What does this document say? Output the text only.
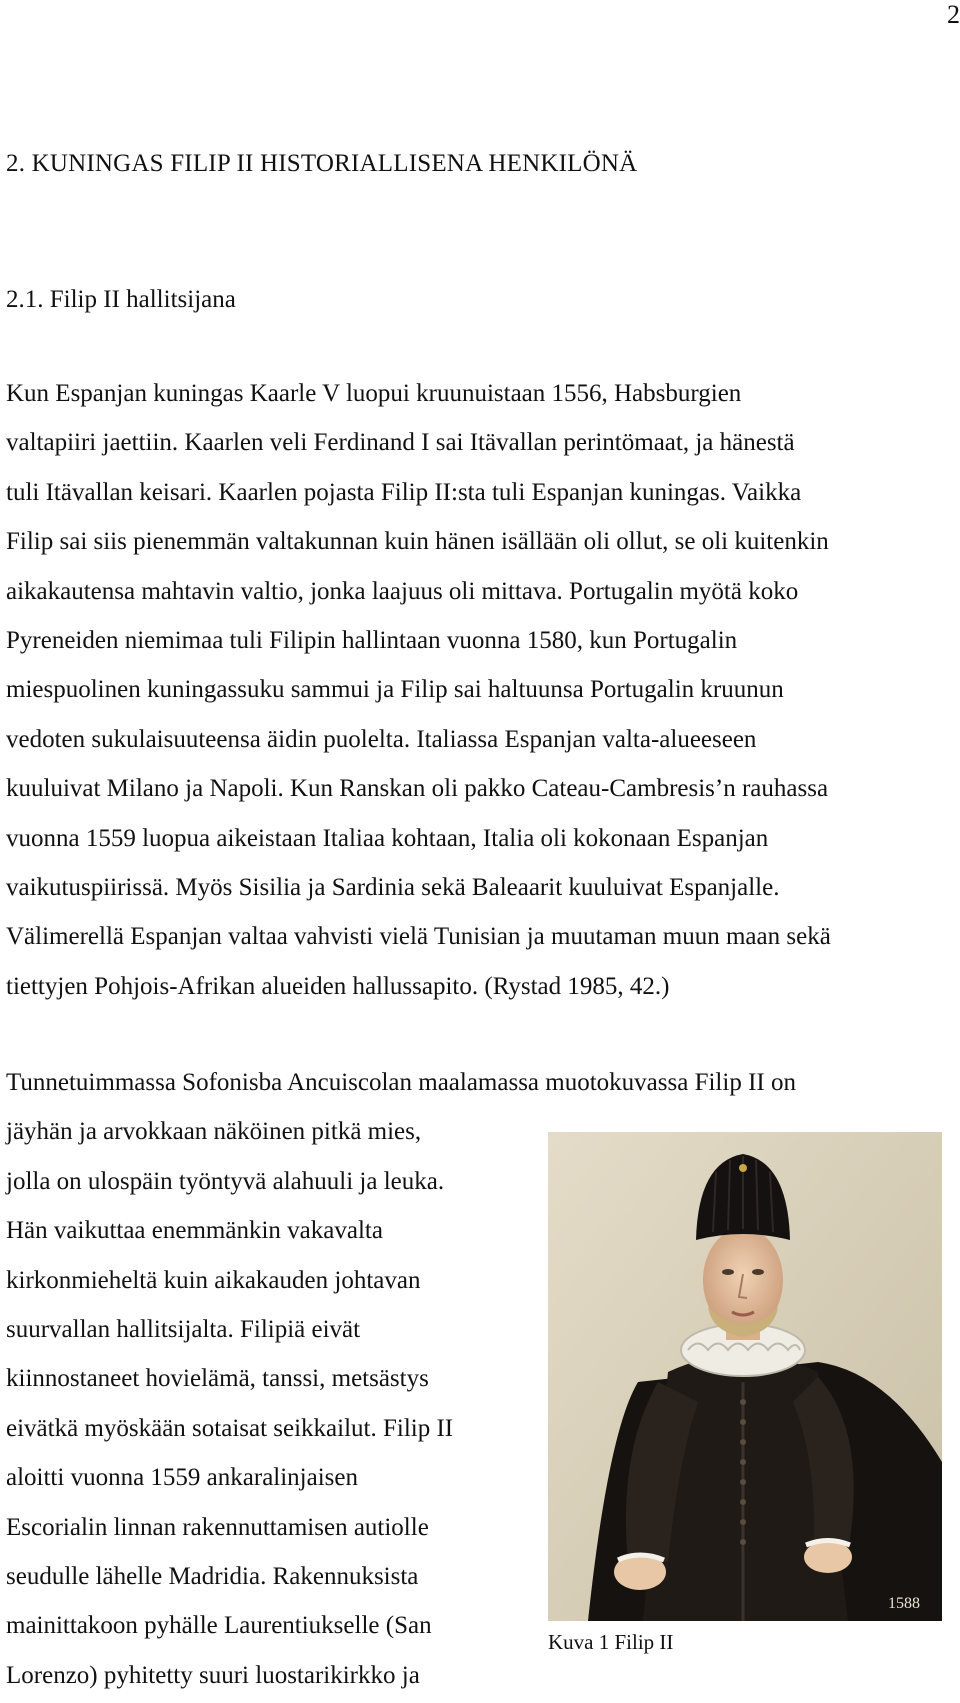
2
2. KUNINGAS FILIP II HISTORIALLISENA HENKILÖNÄ
2.1. Filip II hallitsijana
Kun Espanjan kuningas Kaarle V luopui kruunuistaan 1556, Habsburgien
valtapiiri jaettiin. Kaarlen veli Ferdinand I sai Itävallan perintömaat, ja hänestä
tuli Itävallan keisari. Kaarlen pojasta Filip II:sta tuli Espanjan kuningas. Vaikka
Filip sai siis pienemmän valtakunnan kuin hänen isällään oli ollut, se oli kuitenkin
aikakautensa mahtavin valtio, jonka laajuus oli mittava. Portugalin myötä koko
Pyreneiden niemimaa tuli Filipin hallintaan vuonna 1580, kun Portugalin
miespuolinen kuningassuku sammui ja Filip sai haltuunsa Portugalin kruunun
vedoten sukulaisuuteensa äidin puolelta. Italiassa Espanjan valta-alueeseen
kuuluivat Milano ja Napoli. Kun Ranskan oli pakko Cateau-Cambresis’n rauhassa
vuonna 1559 luopua aikeistaan Italiaa kohtaan, Italia oli kokonaan Espanjan
vaikutuspiirissä. Myös Sisilia ja Sardinia sekä Baleaarit kuuluivat Espanjalle.
Välimerellä Espanjan valtaa vahvisti vielä Tunisian ja muutaman muun maan sekä
tiettyjen Pohjois-Afrikan alueiden hallussapito. (Rystad 1985, 42.)
Tunnetuimmassa Sofonisba Ancuiscolan maalamassa muotokuvassa Filip II on
jäyhän ja arvokkaan näköinen pitkä mies,
jolla on ulospäin työntyvä alahuuli ja leuka.
Hän vaikuttaa enemmänkin vakavalta
kirkonmieheltä kuin aikakauden johtavan
suurvallan hallitsijalta. Filipiä eivät
kiinnostaneet hovielämä, tanssi, metsästys
eivätkä myöskään sotaisat seikkailut. Filip II
aloitti vuonna 1559 ankaralinjaisen
Escorialin linnan rakennuttamisen autiolle
seudulle lähelle Madridia. Rakennuksista
mainittakoon pyhälle Laurentiukselle (San
Lorenzo) pyhitetty suuri luostarikirkko ja
1588
Kuva 1 Filip II
